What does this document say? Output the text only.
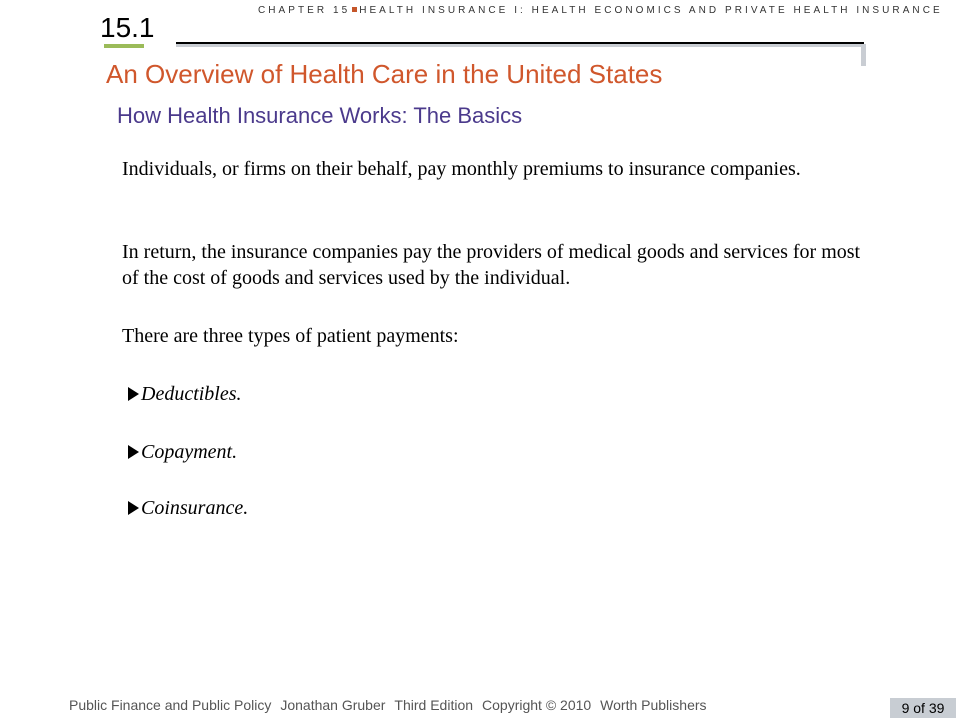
CHAPTER 15 HEALTH INSURANCE I: HEALTH ECONOMICS AND PRIVATE HEALTH INSURANCE
15.1
An Overview of Health Care in the United States
How Health Insurance Works: The Basics
Individuals, or firms on their behalf, pay monthly premiums to insurance companies.
In return, the insurance companies pay the providers of medical goods and services for most of the cost of goods and services used by the individual.
There are three types of patient payments:
Deductibles.
Copayment.
Coinsurance.
Public Finance and Public Policy Jonathan Gruber Third Edition Copyright © 2010 Worth Publishers	9 of 39
